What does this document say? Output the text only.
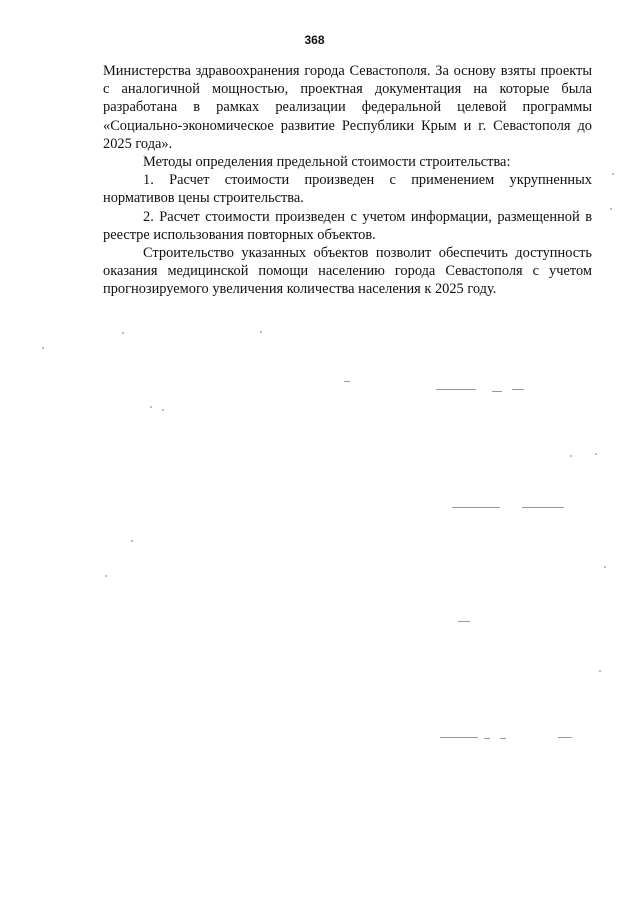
368

Министерства здравоохранения города Севастополя. За основу взяты проекты с аналогичной мощностью, проектная документация на которые была разработана в рамках реализации федеральной целевой программы «Социально-экономическое развитие Республики Крым и г. Севастополя до 2025 года».

Методы определения предельной стоимости строительства:

1. Расчет стоимости произведен с применением укрупненных нормативов цены строительства.

2. Расчет стоимости произведен с учетом информации, размещенной в реестре использования повторных объектов.

Строительство указанных объектов позволит обеспечить доступность оказания медицинской помощи населению города Севастополя с учетом прогнозируемого увеличения количества населения к 2025 году.
